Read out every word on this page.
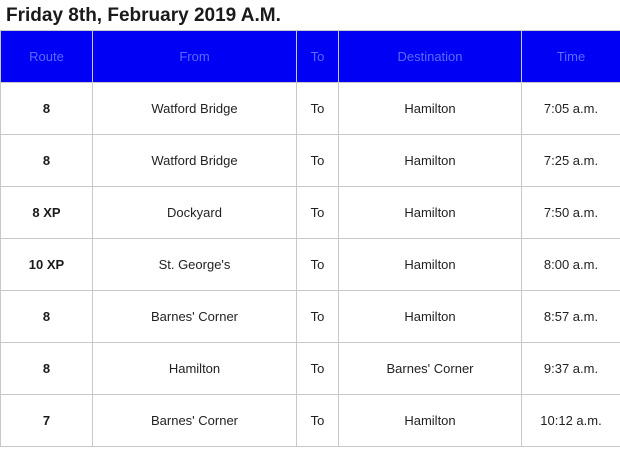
Friday 8th, February 2019 A.M.
Route	From	To	Destination	Time
8	Watford Bridge	To	Hamilton	7:05 a.m.
8	Watford Bridge	To	Hamilton	7:25 a.m.
8 XP	Dockyard	To	Hamilton	7:50 a.m.
10 XP	St. George's	To	Hamilton	8:00 a.m.
8	Barnes' Corner	To	Hamilton	8:57 a.m.
8	Hamilton	To	Barnes' Corner	9:37 a.m.
7	Barnes' Corner	To	Hamilton	10:12 a.m.
